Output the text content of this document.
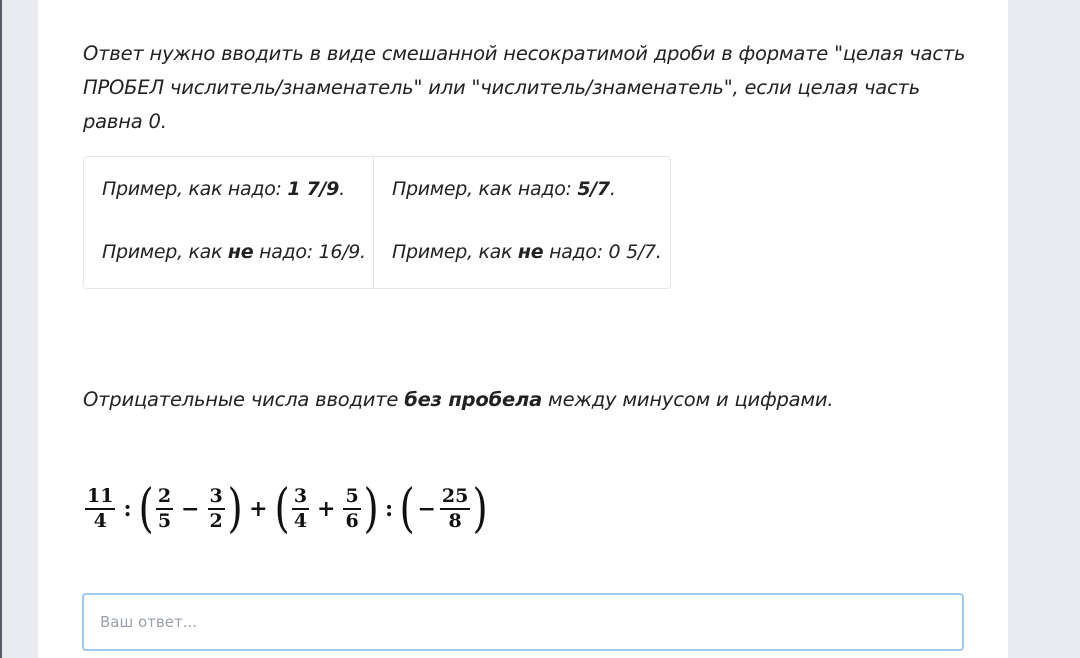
Ответ нужно вводить в виде смешанной несократимой дроби в формате "целая часть
ПРОБЕЛ числитель/знаменатель" или "числитель/знаменатель", если целая часть равна 0.
Пример, как надо: 1 7/9.
Пример, как не надо: 16/9.
Пример, как надо: 5/7.
Пример, как не надо: 0 5/7.
Отрицательные числа вводите без пробела между минусом и цифрами.
$\frac{11}{4}$ : ( $\frac{2}{5} - \frac{3}{2}$ ) + ( $\frac{3}{4} + \frac{5}{6}$ ) : ( − $\frac{25}{8}$ )
Ваш ответ...
